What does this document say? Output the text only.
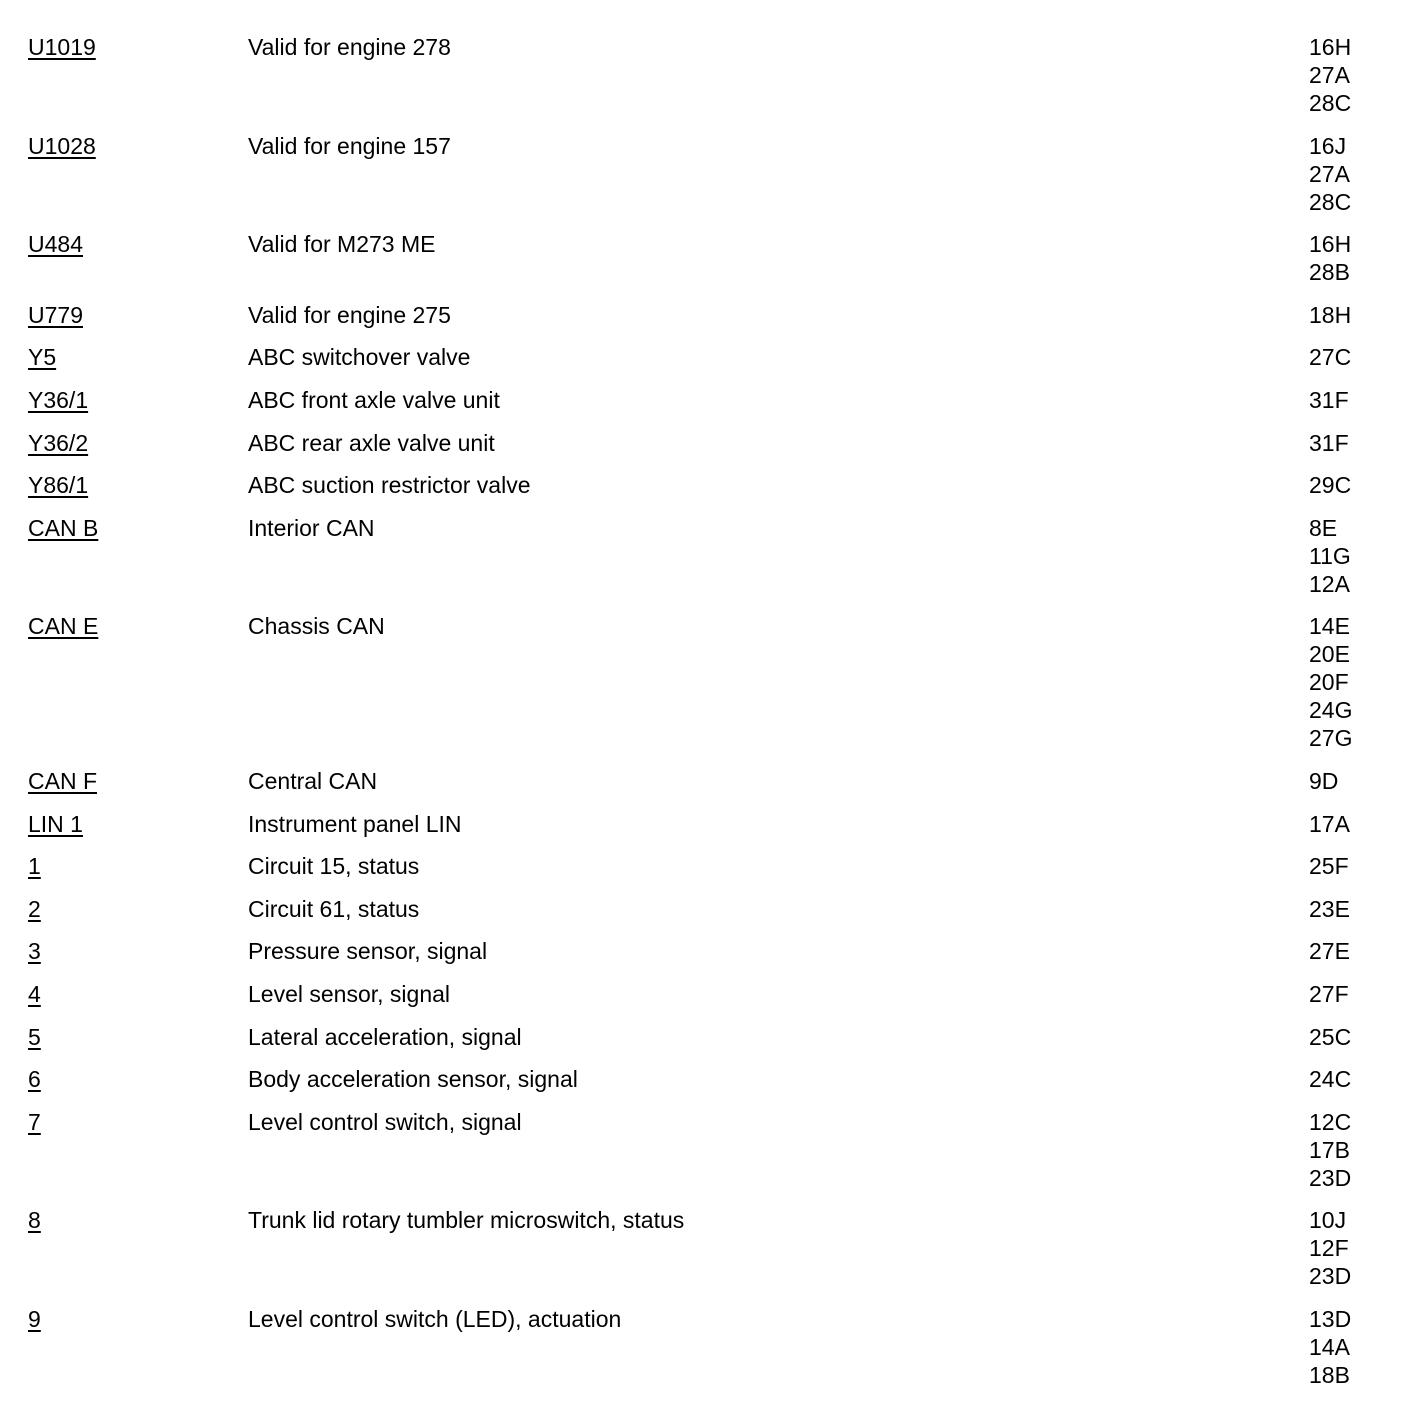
U1019	Valid for engine 278	16H
27A
28C
U1028	Valid for engine 157	16J
27A
28C
U484	Valid for M273 ME	16H
28B
U779	Valid for engine 275	18H
Y5	ABC switchover valve	27C
Y36/1	ABC front axle valve unit	31F
Y36/2	ABC rear axle valve unit	31F
Y86/1	ABC suction restrictor valve	29C
CAN B	Interior CAN	8E
11G
12A
CAN E	Chassis CAN	14E
20E
20F
24G
27G
CAN F	Central CAN	9D
LIN 1	Instrument panel LIN	17A
1	Circuit 15, status	25F
2	Circuit 61, status	23E
3	Pressure sensor, signal	27E
4	Level sensor, signal	27F
5	Lateral acceleration, signal	25C
6	Body acceleration sensor, signal	24C
7	Level control switch, signal	12C
17B
23D
8	Trunk lid rotary tumbler microswitch, status	10J
12F
23D
9	Level control switch (LED), actuation	13D
14A
18B
